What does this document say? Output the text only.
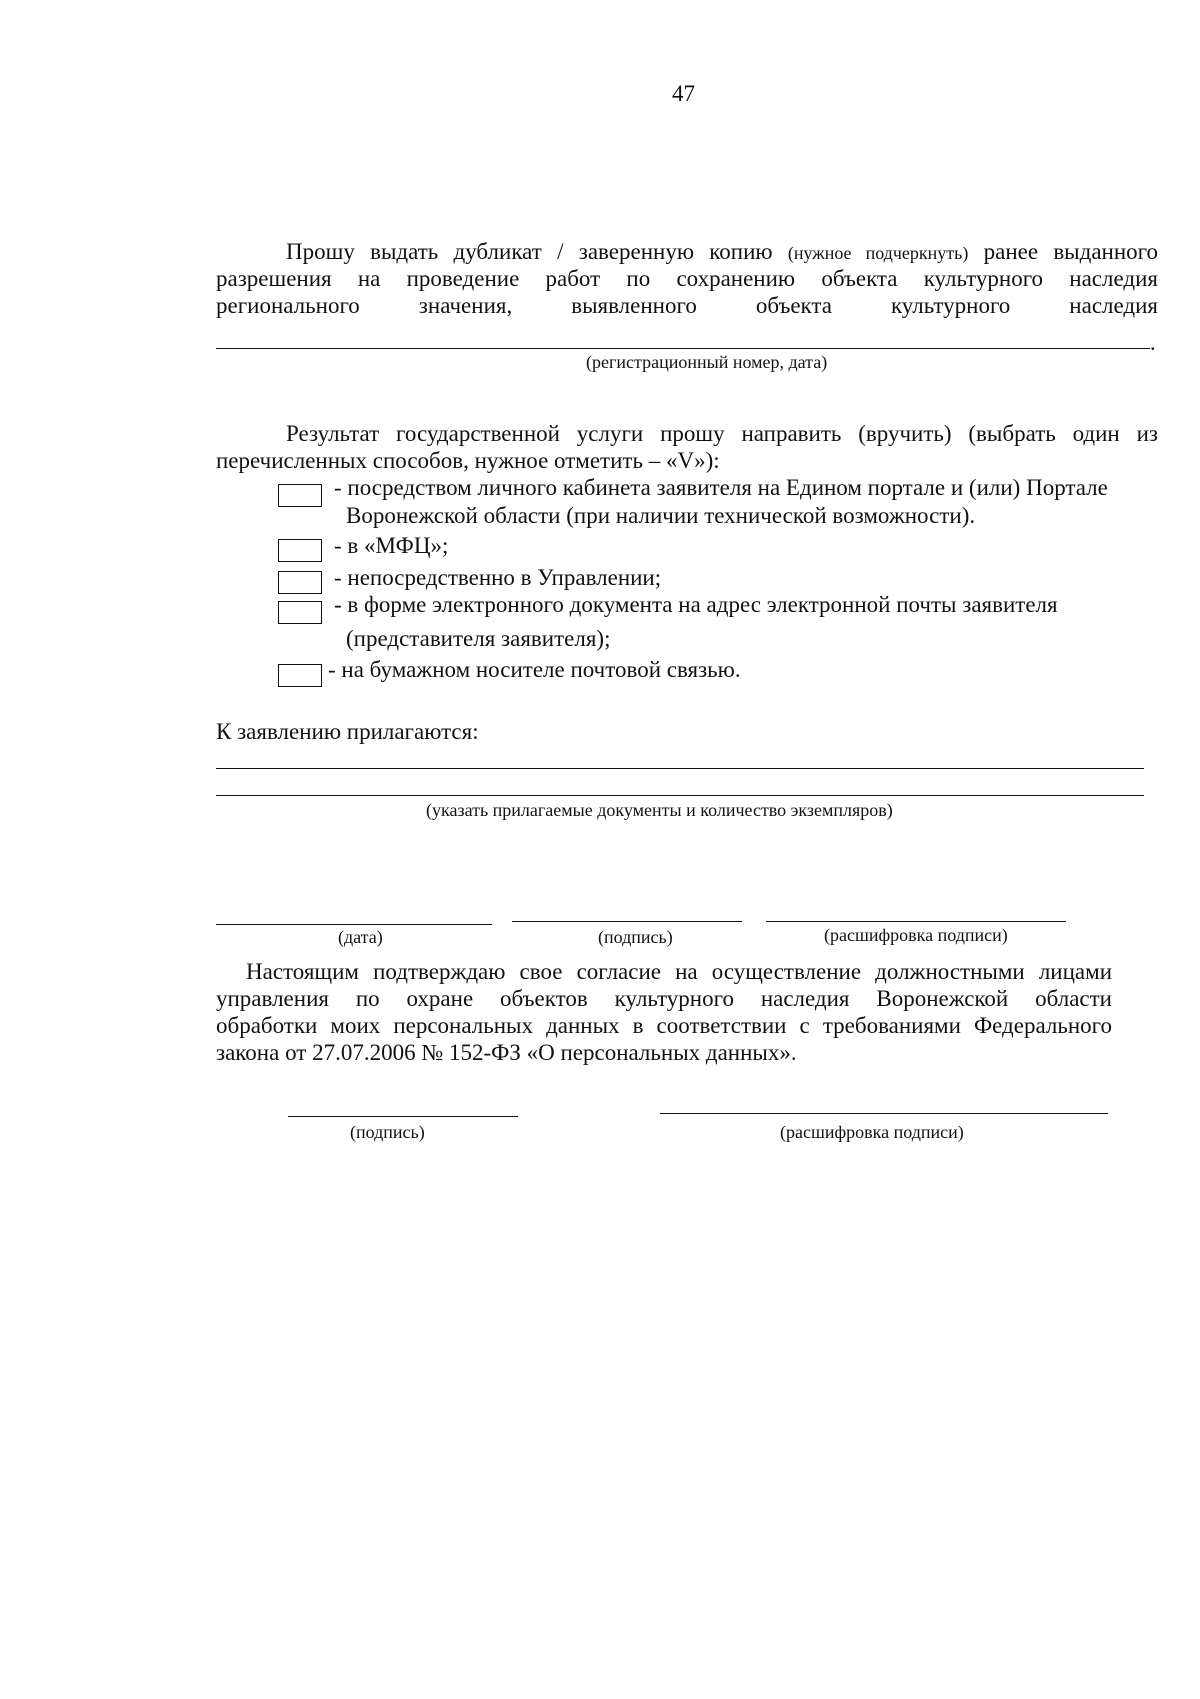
47
Прошу выдать дубликат / заверенную копию (нужное подчеркнуть) ранее выданного
разрешения на проведение работ по сохранению объекта культурного наследия
регионального значения, выявленного объекта культурного наследия
.
(регистрационный номер, дата)
Результат государственной услуги прошу направить (вручить) (выбрать один из
перечисленных способов, нужное отметить – «V»):
- посредством личного кабинета заявителя на Едином портале и (или) Портале
Воронежской области (при наличии технической возможности).
- в «МФЦ»;
- непосредственно в Управлении;
- в форме электронного документа на адрес электронной почты заявителя
(представителя заявителя);
- на бумажном носителе почтовой связью.
К заявлению прилагаются:
(указать прилагаемые документы и количество экземпляров)
(дата)	(подпись)	(расшифровка подписи)
Настоящим подтверждаю свое согласие на осуществление должностными лицами
управления по охране объектов культурного наследия Воронежской области
обработки моих персональных данных в соответствии с требованиями Федерального
закона от 27.07.2006 № 152-ФЗ «О персональных данных».
(подпись)	(расшифровка подписи)
